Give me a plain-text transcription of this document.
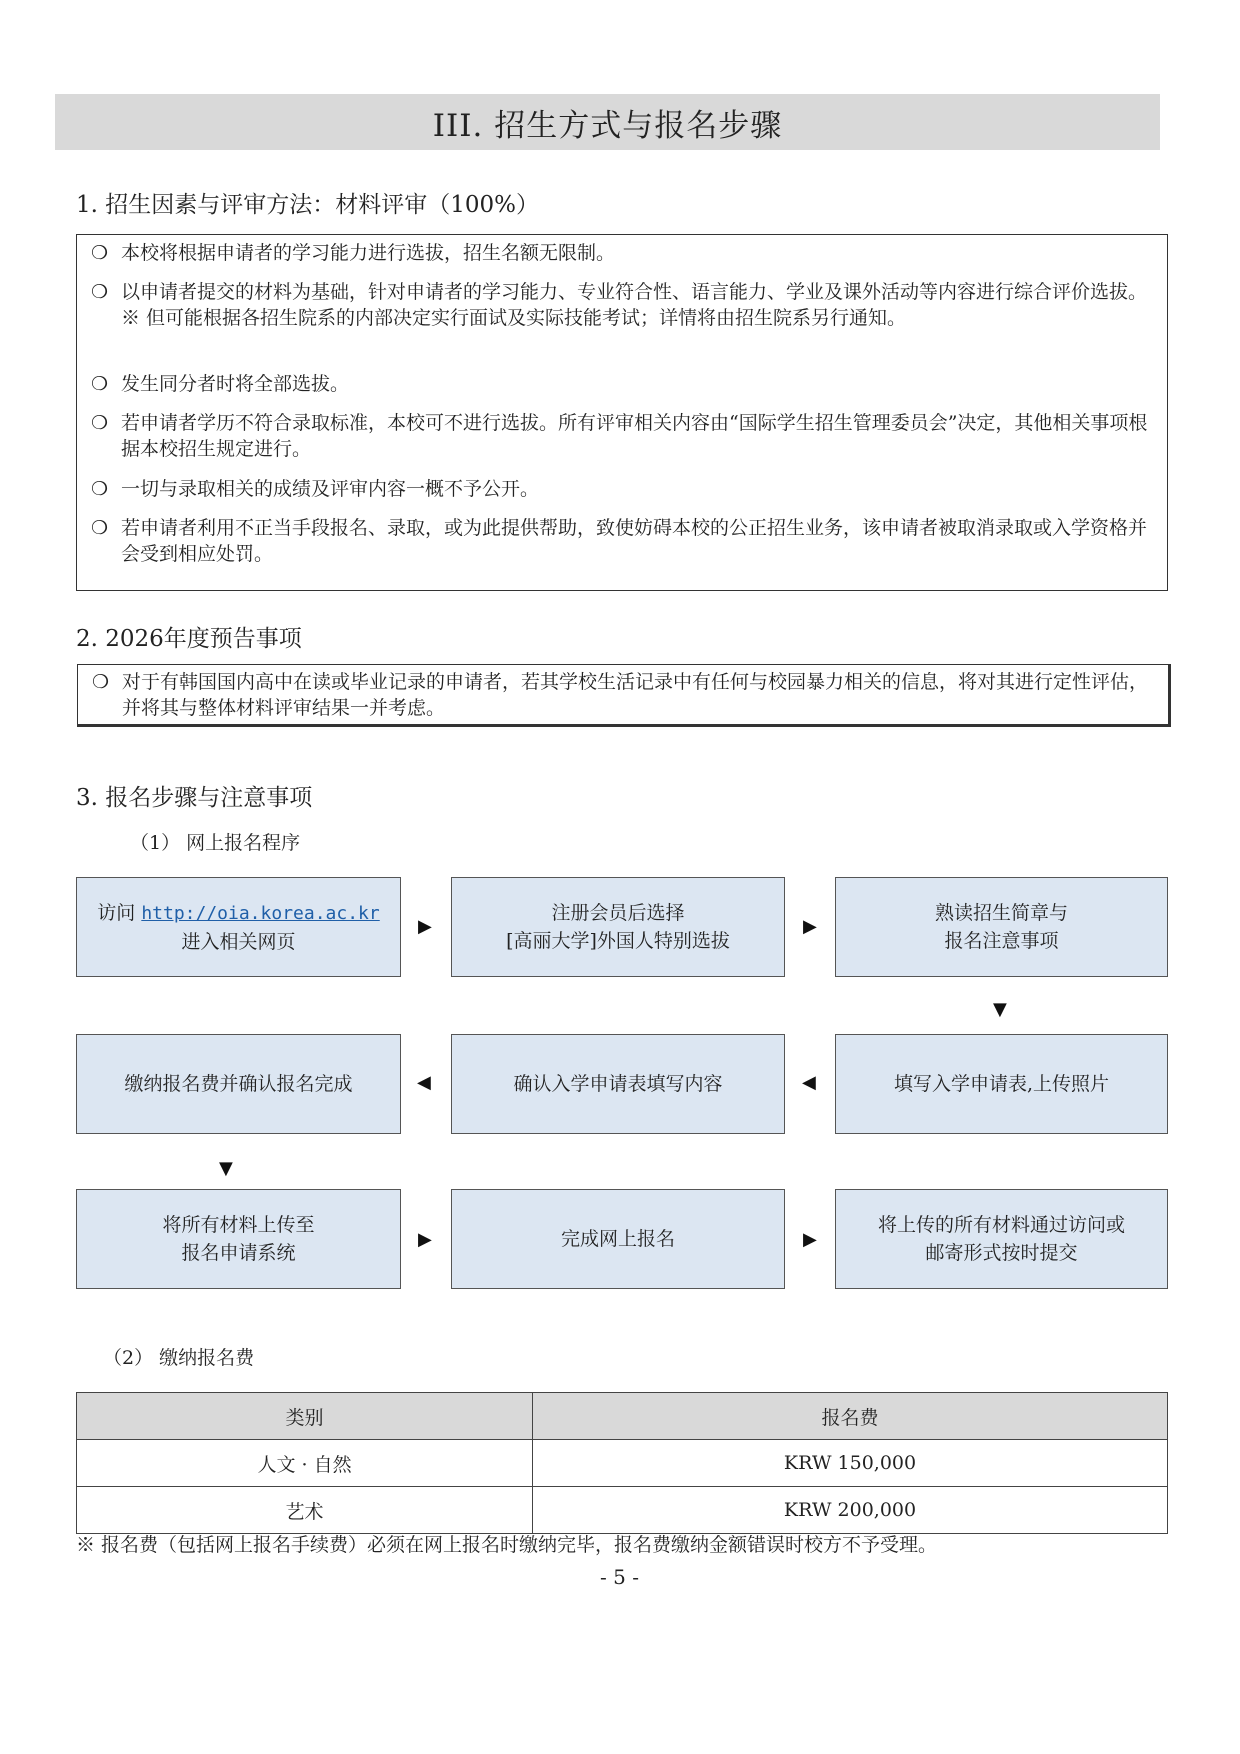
III. 招生方式与报名步骤
1. 招生因素与评审方法：材料评审（100%）
❍ 本校将根据申请者的学习能力进行选拔，招生名额无限制。
❍ 以申请者提交的材料为基础，针对申请者的学习能力、专业符合性、语言能力、学业及课外活动等内容进行综合评价选拔。
※ 但可能根据各招生院系的内部决定实行面试及实际技能考试；详情将由招生院系另行通知。
❍ 发生同分者时将全部选拔。
❍ 若申请者学历不符合录取标准，本校可不进行选拔。所有评审相关内容由“国际学生招生管理委员会”决定，其他相关事项根据本校招生规定进行。
❍ 一切与录取相关的成绩及评审内容一概不予公开。
❍ 若申请者利用不正当手段报名、录取，或为此提供帮助，致使妨碍本校的公正招生业务，该申请者被取消录取或入学资格并会受到相应处罚。
2. 2026年度预告事项
❍ 对于有韩国国内高中在读或毕业记录的申请者，若其学校生活记录中有任何与校园暴力相关的信息，将对其进行定性评估，并将其与整体材料评审结果一并考虑。
3. 报名步骤与注意事项
（1） 网上报名程序
访问 http://oia.korea.ac.kr
进入相关网页
▶
注册会员后选择
[高丽大学]外国人特别选拔
▶
熟读招生简章与
报名注意事项
▼
缴纳报名费并确认报名完成	◀	确认入学申请表填写内容	◀	填写入学申请表,上传照片
▼
将所有材料上传至
报名申请系统
▶	完成网上报名	▶
将上传的所有材料通过访问或
邮寄形式按时提交
（2） 缴纳报名费
类别	报名费
人文 · 自然	KRW 150,000
艺术	KRW 200,000
※ 报名费（包括网上报名手续费）必须在网上报名时缴纳完毕，报名费缴纳金额错误时校方不予受理。
- 5 -
